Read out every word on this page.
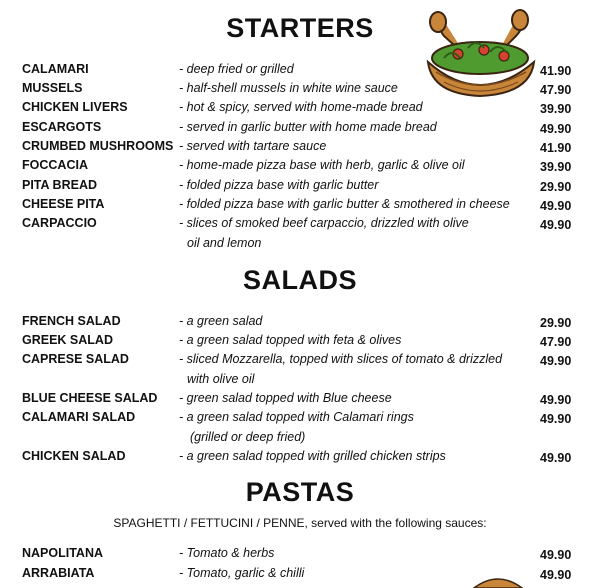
STARTERS
CALAMARI	- deep fried or grilled	41.90
MUSSELS	- half-shell mussels in white wine sauce	47.90
CHICKEN LIVERS	- hot & spicy, served with home-made bread	39.90
ESCARGOTS	- served in garlic butter with home made bread	49.90
CRUMBED MUSHROOMS - served with tartare sauce	41.90
FOCCACIA	- home-made pizza base with herb, garlic & olive oil	39.90
PITA BREAD	- folded pizza base with garlic butter	29.90
CHEESE PITA	- folded pizza base with garlic butter & smothered in cheese 49.90
CARPACCIO	- slices of smoked beef carpaccio, drizzled with olive	49.90
oil and lemon
SALADS
FRENCH SALAD	- a green salad	29.90
GREEK SALAD	- a green salad topped with feta & olives	47.90
CAPRESE SALAD	- sliced Mozzarella, topped with slices of tomato & drizzled	49.90
with olive oil
BLUE CHEESE SALAD - green salad topped with Blue cheese	49.90
CALAMARI SALAD	- a green salad topped with Calamari rings	49.90
(grilled or deep fried)
CHICKEN SALAD	- a green salad topped with grilled chicken strips	49.90
PASTAS
SPAGHETTI / FETTUCINI / PENNE, served with the following sauces:
NAPOLITANA	- Tomato & herbs	49.90
ARRABIATA	- Tomato, garlic & chilli	49.90
